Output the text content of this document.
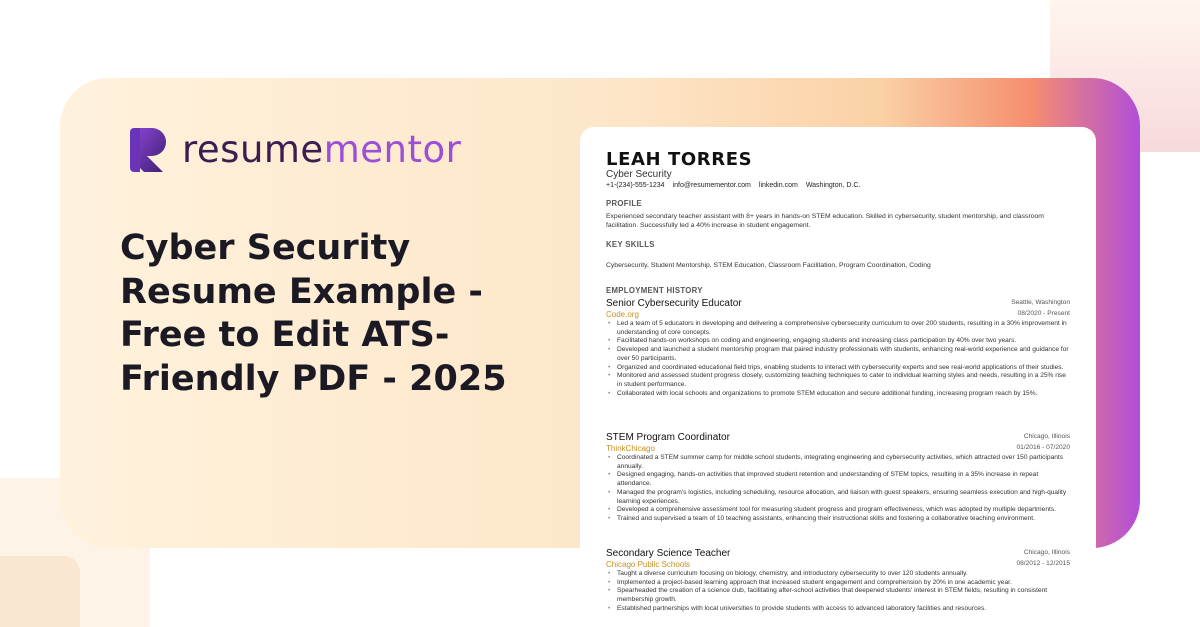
resumementor
Cyber Security Resume Example - Free to Edit ATS-Friendly PDF - 2025
LEAH TORRES
Cyber Security
+1-(234)-555-1234 info@resumementor.com linkedin.com Washington, D.C.
PROFILE

Experienced secondary teacher assistant with 8+ years in hands-on STEM education. Skilled in cybersecurity, student mentorship, and classroom facilitation. Successfully led a 40% increase in student engagement.

KEY SKILLS

Cybersecurity, Student Mentorship, STEM Education, Classroom Facilitation, Program Coordination, Coding

EMPLOYMENT HISTORY
Senior Cybersecurity Educator	Seattle, Washington
Code.org	08/2020 - Present
• Led a team of 5 educators in developing and delivering a comprehensive cybersecurity curriculum to over 200 students, resulting in a 30% improvement in understanding of core concepts.
• Facilitated hands-on workshops on coding and engineering, engaging students and increasing class participation by 40% over two years.
• Developed and launched a student mentorship program that paired industry professionals with students, enhancing real-world experience and guidance for over 50 participants.
• Organized and coordinated educational field trips, enabling students to interact with cybersecurity experts and see real-world applications of their studies.
• Monitored and assessed student progress closely, customizing teaching techniques to cater to individual learning styles and needs, resulting in a 25% rise in student performance.
• Collaborated with local schools and organizations to promote STEM education and secure additional funding, increasing program reach by 15%.
STEM Program Coordinator	Chicago, Illinois
ThinkChicago	01/2016 - 07/2020
• Coordinated a STEM summer camp for middle school students, integrating engineering and cybersecurity activities, which attracted over 150 participants annually.
• Designed engaging, hands-on activities that improved student retention and understanding of STEM topics, resulting in a 35% increase in repeat attendance.
• Managed the program's logistics, including scheduling, resource allocation, and liaison with guest speakers, ensuring seamless execution and high-quality learning experiences.
• Developed a comprehensive assessment tool for measuring student progress and program effectiveness, which was adopted by multiple departments.
• Trained and supervised a team of 10 teaching assistants, enhancing their instructional skills and fostering a collaborative teaching environment.
Secondary Science Teacher	Chicago, Illinois
Chicago Public Schools	08/2012 - 12/2015
• Taught a diverse curriculum focusing on biology, chemistry, and introductory cybersecurity to over 120 students annually.
• Implemented a project-based learning approach that increased student engagement and comprehension by 20% in one academic year.
• Spearheaded the creation of a science club, facilitating after-school activities that deepened students' interest in STEM fields, resulting in consistent membership growth.
• Established partnerships with local universities to provide students with access to advanced laboratory facilities and resources.
